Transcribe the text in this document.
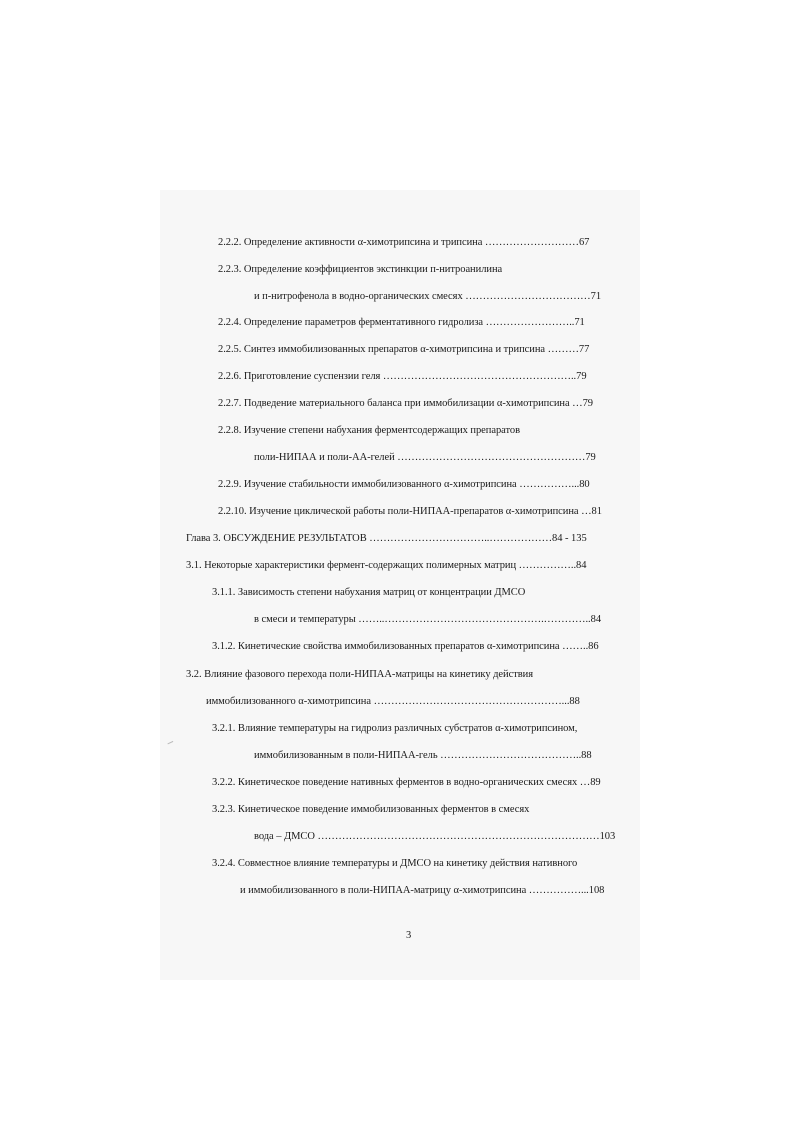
2.2.2. Определение активности α-химотрипсина и трипсина ………………………67
2.2.3. Определение коэффициентов экстинкции п-нитроанилина
и п-нитрофенола в водно-органических смесях ………………………………71
2.2.4. Определение параметров ферментативного гидролиза ……………………..71
2.2.5. Синтез иммобилизованных препаратов α-химотрипсина и трипсина ………77
2.2.6. Приготовление суспензии геля ………………………………………………..79
2.2.7. Подведение материального баланса при иммобилизации α-химотрипсина …79
2.2.8. Изучение степени набухания ферментсодержащих препаратов
поли-НИПАА и поли-АА-гелей ………………………………………………79
2.2.9. Изучение стабильности иммобилизованного α-химотрипсина ……………...80
2.2.10. Изучение циклической работы поли-НИПАА-препаратов α-химотрипсина …81
Глава 3. ОБСУЖДЕНИЕ РЕЗУЛЬТАТОВ ……………………………..………………84 - 135
3.1. Некоторые характеристики фермент-содержащих полимерных матриц ……………..84
3.1.1. Зависимость степени набухания матриц от концентрации ДМСО
в смеси и температуры ……..……………………………………….…………..84
3.1.2. Кинетические свойства иммобилизованных препаратов α-химотрипсина ……..86
3.2. Влияние фазового перехода поли-НИПАА-матрицы на кинетику действия
иммобилизованного α-химотрипсина ………………………………………………...88
3.2.1. Влияние температуры на гидролиз различных субстратов α-химотрипсином,
иммобилизованным в поли-НИПАА-гель …………………………………..88
3.2.2. Кинетическое поведение нативных ферментов в водно-органических смесях …89
3.2.3. Кинетическое поведение иммобилизованных ферментов в смесях
вода – ДМСО ………………………………………………………………………103
3.2.4. Совместное влияние температуры и ДМСО на кинетику действия нативного
и иммобилизованного в поли-НИПАА-матрицу α-химотрипсина ……………...108
3
